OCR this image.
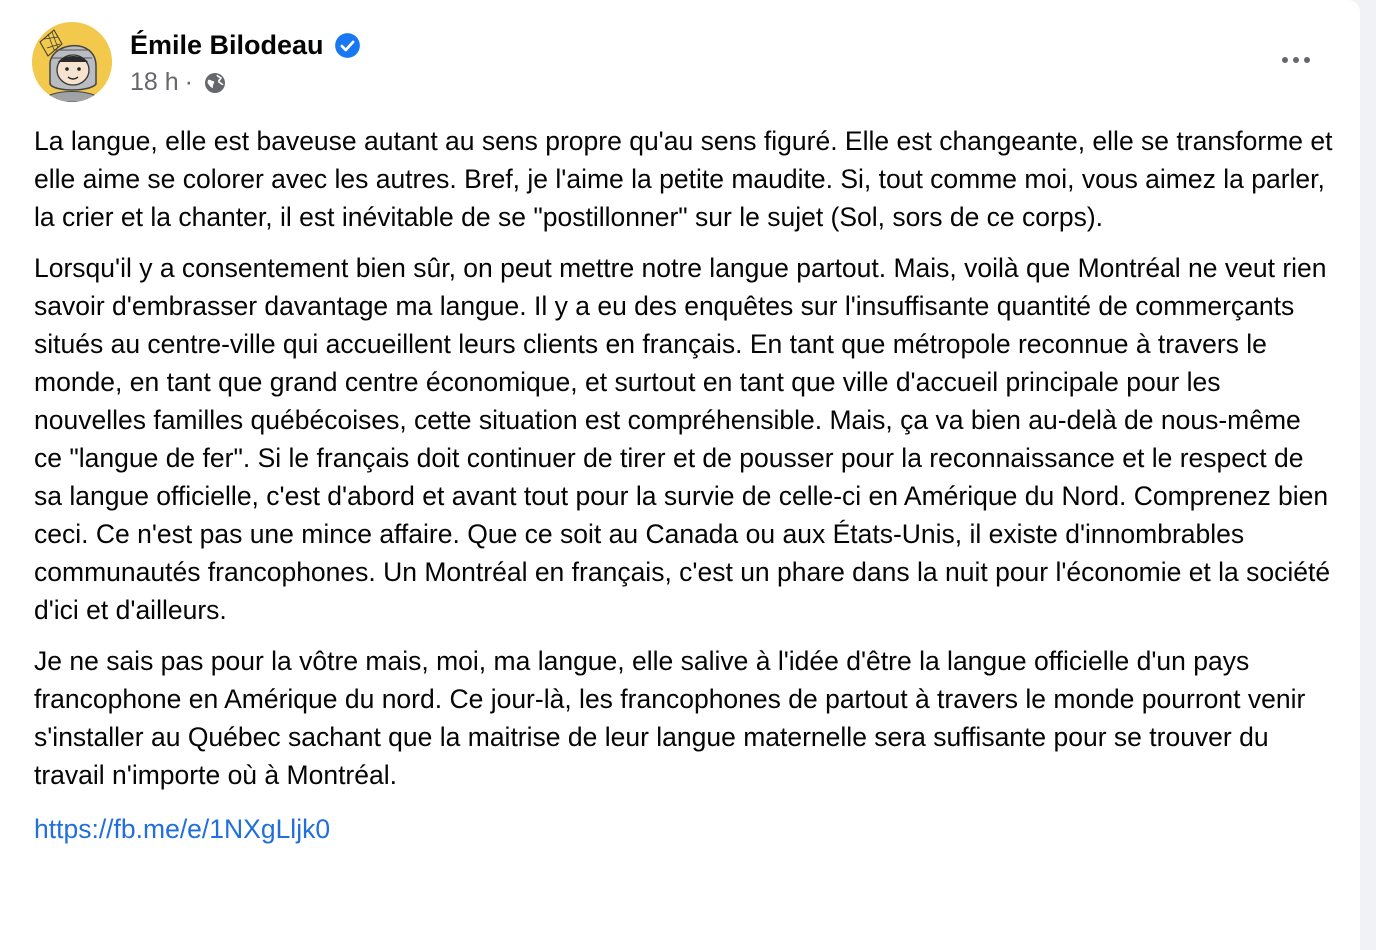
Émile Bilodeau
18 h ·

La langue, elle est baveuse autant au sens propre qu'au sens figuré. Elle est changeante, elle se transforme et elle aime se colorer avec les autres. Bref, je l'aime la petite maudite. Si, tout comme moi, vous aimez la parler, la crier et la chanter, il est inévitable de se "postillonner" sur le sujet (Sol, sors de ce corps).

Lorsqu'il y a consentement bien sûr, on peut mettre notre langue partout. Mais, voilà que Montréal ne veut rien savoir d'embrasser davantage ma langue. Il y a eu des enquêtes sur l'insuffisante quantité de commerçants situés au centre-ville qui accueillent leurs clients en français. En tant que métropole reconnue à travers le monde, en tant que grand centre économique, et surtout en tant que ville d'accueil principale pour les nouvelles familles québécoises, cette situation est compréhensible. Mais, ça va bien au-delà de nous-même ce "langue de fer". Si le français doit continuer de tirer et de pousser pour la reconnaissance et le respect de sa langue officielle, c'est d'abord et avant tout pour la survie de celle-ci en Amérique du Nord. Comprenez bien ceci. Ce n'est pas une mince affaire. Que ce soit au Canada ou aux États-Unis, il existe d'innombrables communautés francophones. Un Montréal en français, c'est un phare dans la nuit pour l'économie et la société d'ici et d'ailleurs.

Je ne sais pas pour la vôtre mais, moi, ma langue, elle salive à l'idée d'être la langue officielle d'un pays francophone en Amérique du nord. Ce jour-là, les francophones de partout à travers le monde pourront venir s'installer au Québec sachant que la maitrise de leur langue maternelle sera suffisante pour se trouver du travail n'importe où à Montréal.

https://fb.me/e/1NXgLljk0
